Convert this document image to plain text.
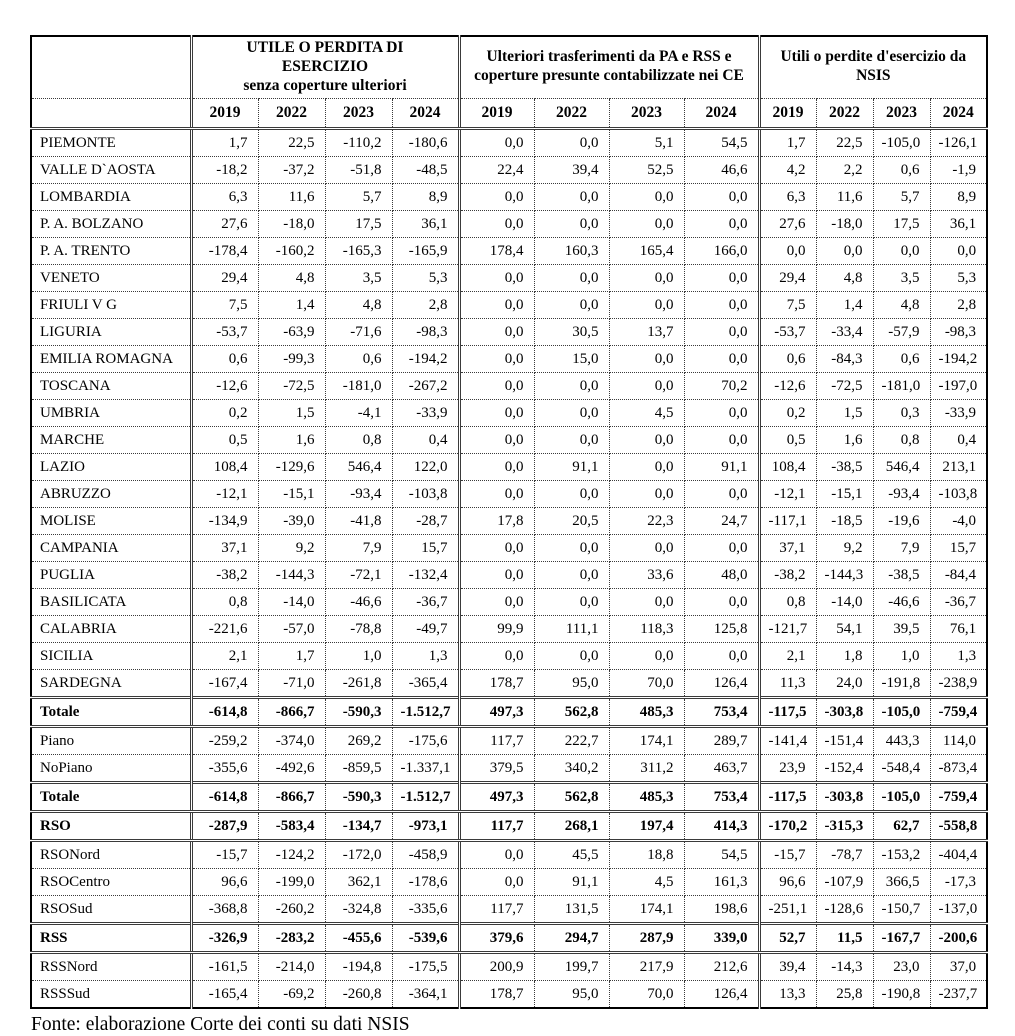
	UTILE O PERDITA DI ESERCIZIO
senza coperture ulteriori				Ulteriori trasferimenti da PA e RSS e coperture presunte contabilizzate nei CE				Utili o perdite d'esercizio da NSIS			
	2019	2022	2023	2024	2019	2022	2023	2024	2019	2022	2023	2024
PIEMONTE	1,7	22,5	-110,2	-180,6	0,0	0,0	5,1	54,5	1,7	22,5	-105,0	-126,1
VALLE D`AOSTA	-18,2	-37,2	-51,8	-48,5	22,4	39,4	52,5	46,6	4,2	2,2	0,6	-1,9
LOMBARDIA	6,3	11,6	5,7	8,9	0,0	0,0	0,0	0,0	6,3	11,6	5,7	8,9
P. A. BOLZANO	27,6	-18,0	17,5	36,1	0,0	0,0	0,0	0,0	27,6	-18,0	17,5	36,1
P. A. TRENTO	-178,4	-160,2	-165,3	-165,9	178,4	160,3	165,4	166,0	0,0	0,0	0,0	0,0
VENETO	29,4	4,8	3,5	5,3	0,0	0,0	0,0	0,0	29,4	4,8	3,5	5,3
FRIULI V G	7,5	1,4	4,8	2,8	0,0	0,0	0,0	0,0	7,5	1,4	4,8	2,8
LIGURIA	-53,7	-63,9	-71,6	-98,3	0,0	30,5	13,7	0,0	-53,7	-33,4	-57,9	-98,3
EMILIA ROMAGNA	0,6	-99,3	0,6	-194,2	0,0	15,0	0,0	0,0	0,6	-84,3	0,6	-194,2
TOSCANA	-12,6	-72,5	-181,0	-267,2	0,0	0,0	0,0	70,2	-12,6	-72,5	-181,0	-197,0
UMBRIA	0,2	1,5	-4,1	-33,9	0,0	0,0	4,5	0,0	0,2	1,5	0,3	-33,9
MARCHE	0,5	1,6	0,8	0,4	0,0	0,0	0,0	0,0	0,5	1,6	0,8	0,4
LAZIO	108,4	-129,6	546,4	122,0	0,0	91,1	0,0	91,1	108,4	-38,5	546,4	213,1
ABRUZZO	-12,1	-15,1	-93,4	-103,8	0,0	0,0	0,0	0,0	-12,1	-15,1	-93,4	-103,8
MOLISE	-134,9	-39,0	-41,8	-28,7	17,8	20,5	22,3	24,7	-117,1	-18,5	-19,6	-4,0
CAMPANIA	37,1	9,2	7,9	15,7	0,0	0,0	0,0	0,0	37,1	9,2	7,9	15,7
PUGLIA	-38,2	-144,3	-72,1	-132,4	0,0	0,0	33,6	48,0	-38,2	-144,3	-38,5	-84,4
BASILICATA	0,8	-14,0	-46,6	-36,7	0,0	0,0	0,0	0,0	0,8	-14,0	-46,6	-36,7
CALABRIA	-221,6	-57,0	-78,8	-49,7	99,9	111,1	118,3	125,8	-121,7	54,1	39,5	76,1
SICILIA	2,1	1,7	1,0	1,3	0,0	0,0	0,0	0,0	2,1	1,8	1,0	1,3
SARDEGNA	-167,4	-71,0	-261,8	-365,4	178,7	95,0	70,0	126,4	11,3	24,0	-191,8	-238,9
Totale	-614,8	-866,7	-590,3	-1.512,7	497,3	562,8	485,3	753,4	-117,5	-303,8	-105,0	-759,4
Piano	-259,2	-374,0	269,2	-175,6	117,7	222,7	174,1	289,7	-141,4	-151,4	443,3	114,0
NoPiano	-355,6	-492,6	-859,5	-1.337,1	379,5	340,2	311,2	463,7	23,9	-152,4	-548,4	-873,4
Totale	-614,8	-866,7	-590,3	-1.512,7	497,3	562,8	485,3	753,4	-117,5	-303,8	-105,0	-759,4
RSO	-287,9	-583,4	-134,7	-973,1	117,7	268,1	197,4	414,3	-170,2	-315,3	62,7	-558,8
RSONord	-15,7	-124,2	-172,0	-458,9	0,0	45,5	18,8	54,5	-15,7	-78,7	-153,2	-404,4
RSOCentro	96,6	-199,0	362,1	-178,6	0,0	91,1	4,5	161,3	96,6	-107,9	366,5	-17,3
RSOSud	-368,8	-260,2	-324,8	-335,6	117,7	131,5	174,1	198,6	-251,1	-128,6	-150,7	-137,0
RSS	-326,9	-283,2	-455,6	-539,6	379,6	294,7	287,9	339,0	52,7	11,5	-167,7	-200,6
RSSNord	-161,5	-214,0	-194,8	-175,5	200,9	199,7	217,9	212,6	39,4	-14,3	23,0	37,0
RSSSud	-165,4	-69,2	-260,8	-364,1	178,7	95,0	70,0	126,4	13,3	25,8	-190,8	-237,7
Fonte: elaborazione Corte dei conti su dati NSIS
